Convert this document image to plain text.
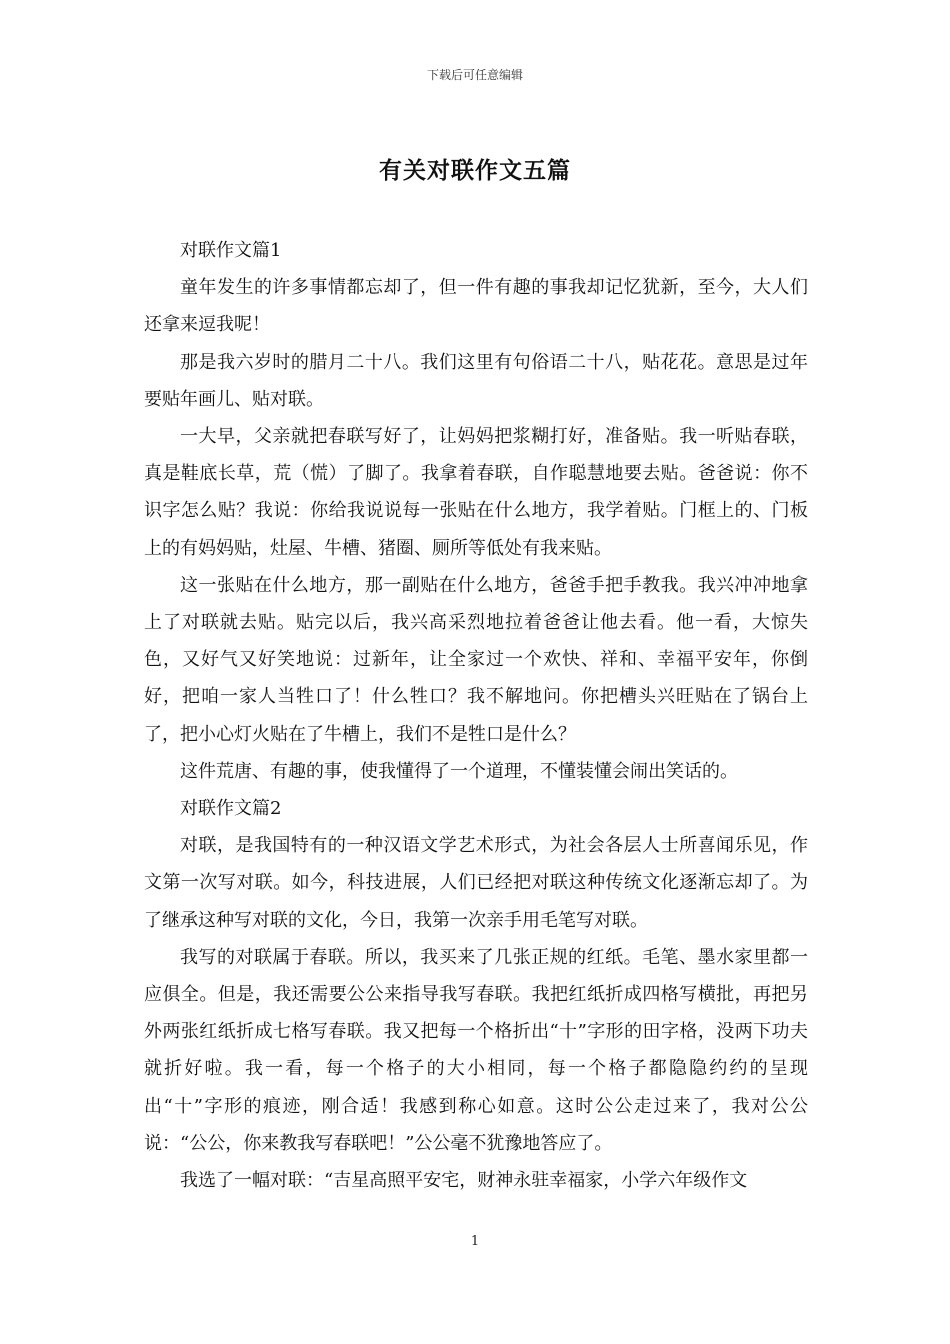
下载后可任意编辑
有关对联作文五篇

对联作文篇1

童年发生的许多事情都忘却了，但一件有趣的事我却记忆犹新，至今，大人们还拿来逗我呢！

那是我六岁时的腊月二十八。我们这里有句俗语二十八，贴花花。意思是过年要贴年画儿、贴对联。

一大早，父亲就把春联写好了，让妈妈把浆糊打好，准备贴。我一听贴春联，真是鞋底长草，荒（慌）了脚了。我拿着春联，自作聪慧地要去贴。爸爸说：你不识字怎么贴？我说：你给我说说每一张贴在什么地方，我学着贴。门框上的、门板上的有妈妈贴，灶屋、牛槽、猪圈、厕所等低处有我来贴。

这一张贴在什么地方，那一副贴在什么地方，爸爸手把手教我。我兴冲冲地拿上了对联就去贴。贴完以后，我兴高采烈地拉着爸爸让他去看。他一看，大惊失色，又好气又好笑地说：过新年，让全家过一个欢快、祥和、幸福平安年，你倒好，把咱一家人当牲口了！什么牲口？我不解地问。你把槽头兴旺贴在了锅台上了，把小心灯火贴在了牛槽上，我们不是牲口是什么？

这件荒唐、有趣的事，使我懂得了一个道理，不懂装懂会闹出笑话的。

对联作文篇2

对联，是我国特有的一种汉语文学艺术形式，为社会各层人士所喜闻乐见，作文第一次写对联。如今，科技进展，人们已经把对联这种传统文化逐渐忘却了。为了继承这种写对联的文化，今日，我第一次亲手用毛笔写对联。

我写的对联属于春联。所以，我买来了几张正规的红纸。毛笔、墨水家里都一应俱全。但是，我还需要公公来指导我写春联。我把红纸折成四格写横批，再把另外两张红纸折成七格写春联。我又把每一个格折出“十”字形的田字格，没两下功夫就折好啦。我一看，每一个格子的大小相同，每一个格子都隐隐约约的呈现出“十”字形的痕迹，刚合适！我感到称心如意。这时公公走过来了，我对公公说：“公公，你来教我写春联吧！”公公毫不犹豫地答应了。

我选了一幅对联：“吉星高照平安宅，财神永驻幸福家，小学六年级作文

1
